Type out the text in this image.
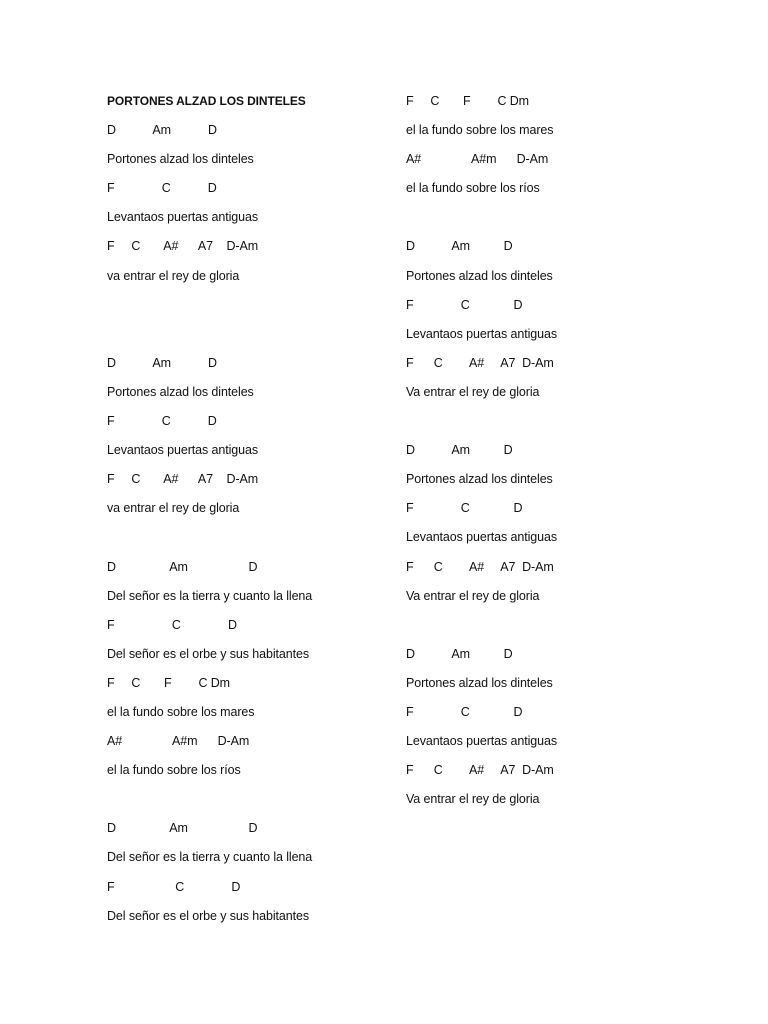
PORTONES ALZAD LOS DINTELES
D           Am           D
Portones alzad los dinteles
F              C           D
Levantaos puertas antiguas
F     C       A#      A7    D-Am
va entrar el rey de gloria
D           Am           D
Portones alzad los dinteles
F              C           D
Levantaos puertas antiguas
F     C       A#      A7    D-Am
va entrar el rey de gloria
D                Am                  D
Del señor es la tierra y cuanto la llena
F                 C              D
Del señor es el orbe y sus habitantes
F     C       F        C Dm
el la fundo sobre los mares
A#               A#m      D-Am
el la fundo sobre los ríos
D                Am                  D
Del señor es la tierra y cuanto la llena
F                  C              D
Del señor es el orbe y sus habitantes
F     C       F        C Dm
el la fundo sobre los mares
A#               A#m      D-Am
el la fundo sobre los ríos
D           Am          D
Portones alzad los dinteles
F              C             D
Levantaos puertas antiguas
F      C        A#     A7  D-Am
Va entrar el rey de gloria
D           Am          D
Portones alzad los dinteles
F              C             D
Levantaos puertas antiguas
F      C        A#     A7  D-Am
Va entrar el rey de gloria
D           Am          D
Portones alzad los dinteles
F              C             D
Levantaos puertas antiguas
F      C        A#     A7  D-Am
Va entrar el rey de gloria
